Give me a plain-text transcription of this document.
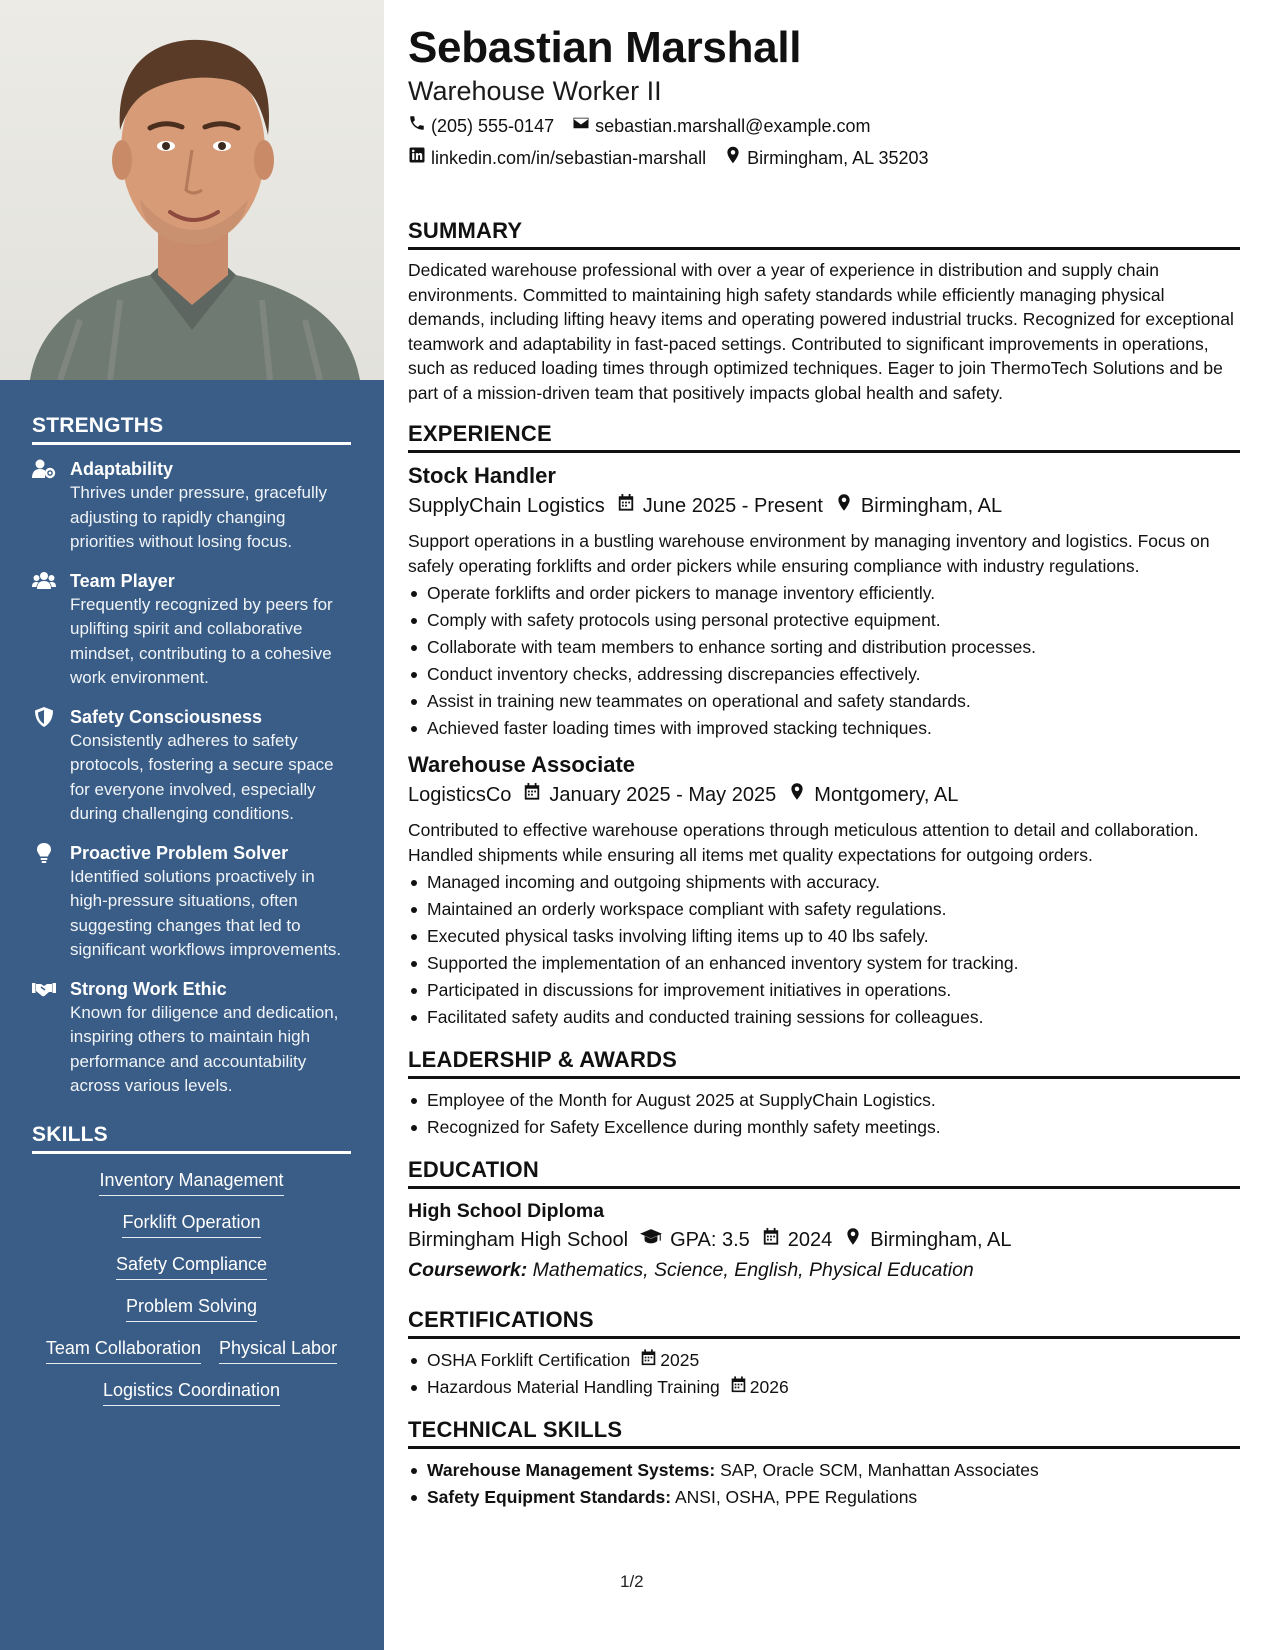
STRENGTHS
Adaptability
Thrives under pressure, gracefully adjusting to rapidly changing priorities without losing focus.
Team Player
Frequently recognized by peers for uplifting spirit and collaborative mindset, contributing to a cohesive work environment.
Safety Consciousness
Consistently adheres to safety protocols, fostering a secure space for everyone involved, especially during challenging conditions.
Proactive Problem Solver
Identified solutions proactively in high-pressure situations, often suggesting changes that led to significant workflows improvements.
Strong Work Ethic
Known for diligence and dedication, inspiring others to maintain high performance and accountability across various levels.
SKILLS
Inventory Management
Forklift Operation
Safety Compliance
Problem Solving
Team Collaboration Physical Labor
Logistics Coordination
Sebastian Marshall
Warehouse Worker II
(205) 555-0147 sebastian.marshall@example.com
linkedin.com/in/sebastian-marshall Birmingham, AL 35203
SUMMARY
Dedicated warehouse professional with over a year of experience in distribution and supply chain environments. Committed to maintaining high safety standards while efficiently managing physical demands, including lifting heavy items and operating powered industrial trucks. Recognized for exceptional teamwork and adaptability in fast-paced settings. Contributed to significant improvements in operations, such as reduced loading times through optimized techniques. Eager to join ThermoTech Solutions and be part of a mission-driven team that positively impacts global health and safety.
EXPERIENCE
Stock Handler
SupplyChain Logistics June 2025 - Present Birmingham, AL
Support operations in a bustling warehouse environment by managing inventory and logistics. Focus on safely operating forklifts and order pickers while ensuring compliance with industry regulations.
Operate forklifts and order pickers to manage inventory efficiently.
Comply with safety protocols using personal protective equipment.
Collaborate with team members to enhance sorting and distribution processes.
Conduct inventory checks, addressing discrepancies effectively.
Assist in training new teammates on operational and safety standards.
Achieved faster loading times with improved stacking techniques.
Warehouse Associate
LogisticsCo January 2025 - May 2025 Montgomery, AL
Contributed to effective warehouse operations through meticulous attention to detail and collaboration. Handled shipments while ensuring all items met quality expectations for outgoing orders.
Managed incoming and outgoing shipments with accuracy.
Maintained an orderly workspace compliant with safety regulations.
Executed physical tasks involving lifting items up to 40 lbs safely.
Supported the implementation of an enhanced inventory system for tracking.
Participated in discussions for improvement initiatives in operations.
Facilitated safety audits and conducted training sessions for colleagues.
LEADERSHIP & AWARDS
Employee of the Month for August 2025 at SupplyChain Logistics.
Recognized for Safety Excellence during monthly safety meetings.
EDUCATION
High School Diploma
Birmingham High School GPA: 3.5 2024 Birmingham, AL
Coursework: Mathematics, Science, English, Physical Education
CERTIFICATIONS
OSHA Forklift Certification 2025
Hazardous Material Handling Training 2026
TECHNICAL SKILLS
Warehouse Management Systems: SAP, Oracle SCM, Manhattan Associates
Safety Equipment Standards: ANSI, OSHA, PPE Regulations
1/2
